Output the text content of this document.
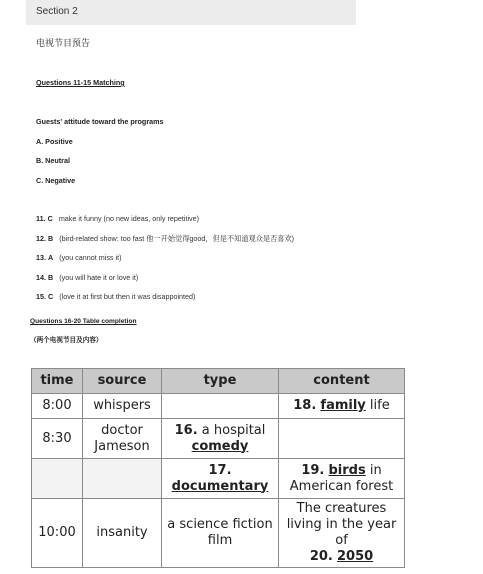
Section 2
电视节目预告
Questions 11-15 Matching
Guests' attitude toward the programs
A. Positive
B. Neutral
C. Negative
11. C make it funny (no new ideas, only repetitive)
12. B (bird-related show: too fast 他一开始觉得good，但是不知道观众是否喜欢)
13. A (you cannot miss it)
14. B (you will hate it or love it)
15. C (love it at first but then it was disappointed)
Questions 16-20 Table completion
（两个电视节目及内容）
time	source	type	content
8:00	whispers		18. family life
8:30	doctor Jameson	16. a hospital
comedy	
		17. documentary	19. birds in American forest
10:00	insanity	a science fiction film	The creatures living in the year of
20. 2050
